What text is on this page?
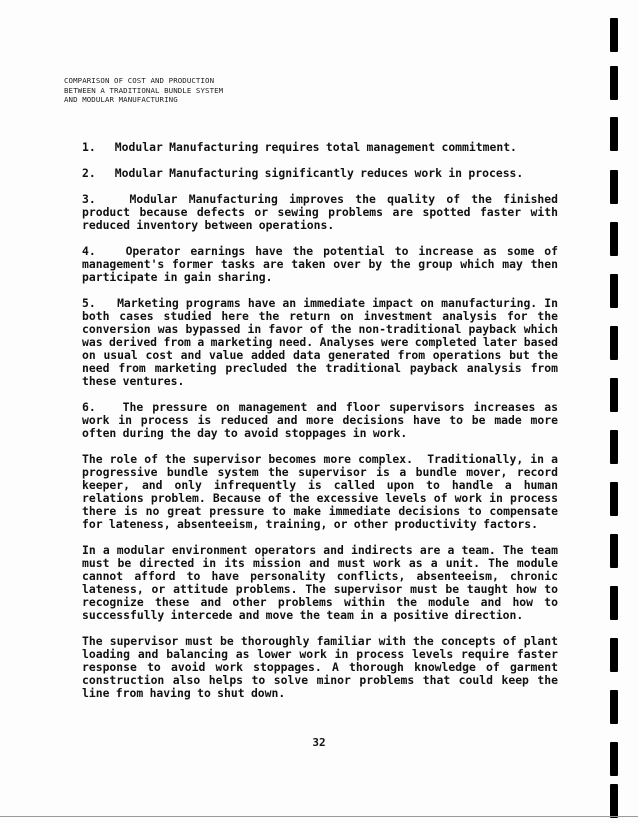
COMPARISON OF COST AND PRODUCTION
BETWEEN A TRADITIONAL BUNDLE SYSTEM
AND MODULAR MANUFACTURING

1. Modular Manufacturing requires total management commitment.

2. Modular Manufacturing significantly reduces work in process.

3.	Modular Manufacturing improves the quality of the finished product because defects or sewing problems are spotted faster with reduced inventory between operations.

4.	Operator earnings have the potential to increase as some of management's former tasks are taken over by the group which may then participate in gain sharing.

5. Marketing programs have an immediate impact on manufacturing. In both cases studied here the return on investment analysis for the conversion was bypassed in favor of the non-traditional payback which was derived from a marketing need. Analyses were completed later based on usual cost and value added data generated from operations but the need from marketing precluded the traditional payback analysis from these ventures.

6. The pressure on management and floor supervisors increases as work in process is reduced and more decisions have to be made more often during the day to avoid stoppages in work.

The role of the supervisor becomes more complex. Traditionally, in a progressive bundle system the supervisor is a bundle mover, record keeper, and only infrequently is called upon to handle a human relations problem. Because of the excessive levels of work in process there is no great pressure to make immediate decisions to compensate for lateness, absenteeism, training, or other productivity factors.

In a modular environment operators and indirects are a team. The team must be directed in its mission and must work as a unit. The module cannot afford to have personality conflicts, absenteeism, chronic lateness, or attitude problems. The supervisor must be taught how to recognize these and other problems within the module and how to successfully intercede and move the team in a positive direction.

The supervisor must be thoroughly familiar with the concepts of plant loading and balancing as lower work in process levels require faster response to avoid work stoppages. A thorough knowledge of garment construction also helps to solve minor problems that could keep the line from having to shut down.

32
